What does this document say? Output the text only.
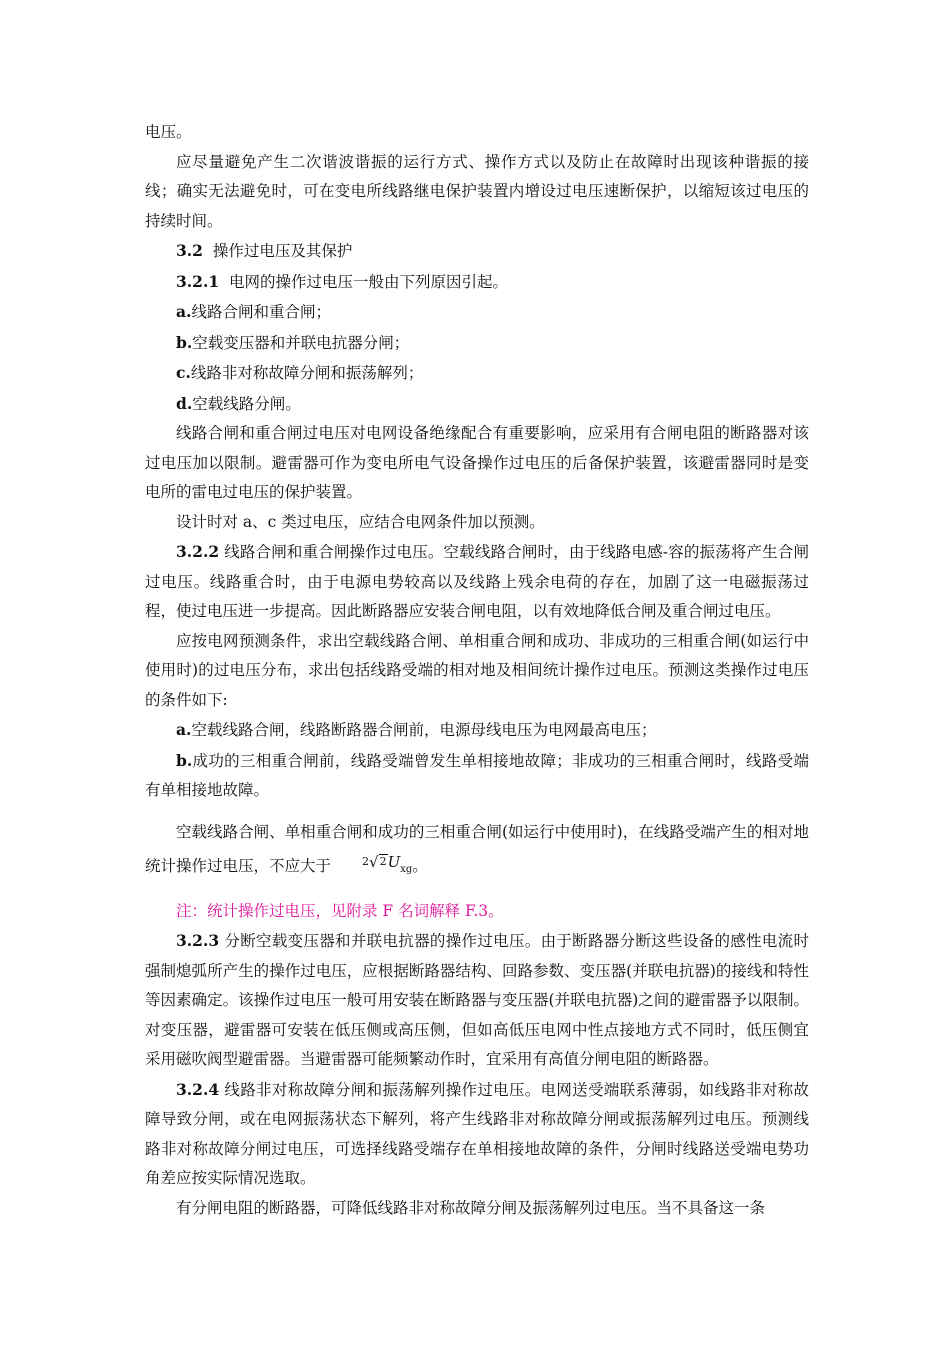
电压。

应尽量避免产生二次谐波谐振的运行方式、操作方式以及防止在故障时出现该种谐振的接线；确实无法避免时，可在变电所线路继电保护装置内增设过电压速断保护，以缩短该过电压的持续时间。

3.2 操作过电压及其保护

3.2.1 电网的操作过电压一般由下列原因引起。

a.线路合闸和重合闸；

b.空载变压器和并联电抗器分闸；

c.线路非对称故障分闸和振荡解列；

d.空载线路分闸。

线路合闸和重合闸过电压对电网设备绝缘配合有重要影响，应采用有合闸电阻的断路器对该过电压加以限制。避雷器可作为变电所电气设备操作过电压的后备保护装置，该避雷器同时是变电所的雷电过电压的保护装置。

设计时对 a、c 类过电压，应结合电网条件加以预测。

3.2.2 线路合闸和重合闸操作过电压。空载线路合闸时，由于线路电感-容的振荡将产生合闸过电压。线路重合时，由于电源电势较高以及线路上残余电荷的存在，加剧了这一电磁振荡过程，使过电压进一步提高。因此断路器应安装合闸电阻，以有效地降低合闸及重合闸过电压。

应按电网预测条件，求出空载线路合闸、单相重合闸和成功、非成功的三相重合闸(如运行中使用时)的过电压分布，求出包括线路受端的相对地及相间统计操作过电压。预测这类操作过电压的条件如下:

a.空载线路合闸，线路断路器合闸前，电源母线电压为电网最高电压；

b.成功的三相重合闸前，线路受端曾发生单相接地故障；非成功的三相重合闸时，线路受端有单相接地故障。

空载线路合闸、单相重合闸和成功的三相重合闸(如运行中使用时)，在线路受端产生的相对地统计操作过电压，不应大于	$^2$√$^2$Uxg。

注：统计操作过电压，见附录 F 名词解释 F.3。

3.2.3 分断空载变压器和并联电抗器的操作过电压。由于断路器分断这些设备的感性电流时强制熄弧所产生的操作过电压，应根据断路器结构、回路参数、变压器(并联电抗器)的接线和特性等因素确定。该操作过电压一般可用安装在断路器与变压器(并联电抗器)之间的避雷器予以限制。对变压器，避雷器可安装在低压侧或高压侧，但如高低压电网中性点接地方式不同时，低压侧宜采用磁吹阀型避雷器。当避雷器可能频繁动作时，宜采用有高值分闸电阻的断路器。

3.2.4 线路非对称故障分闸和振荡解列操作过电压。电网送受端联系薄弱，如线路非对称故障导致分闸，或在电网振荡状态下解列，将产生线路非对称故障分闸或振荡解列过电压。预测线路非对称故障分闸过电压，可选择线路受端存在单相接地故障的条件，分闸时线路送受端电势功角差应按实际情况选取。

有分闸电阻的断路器，可降低线路非对称故障分闸及振荡解列过电压。当不具备这一条
